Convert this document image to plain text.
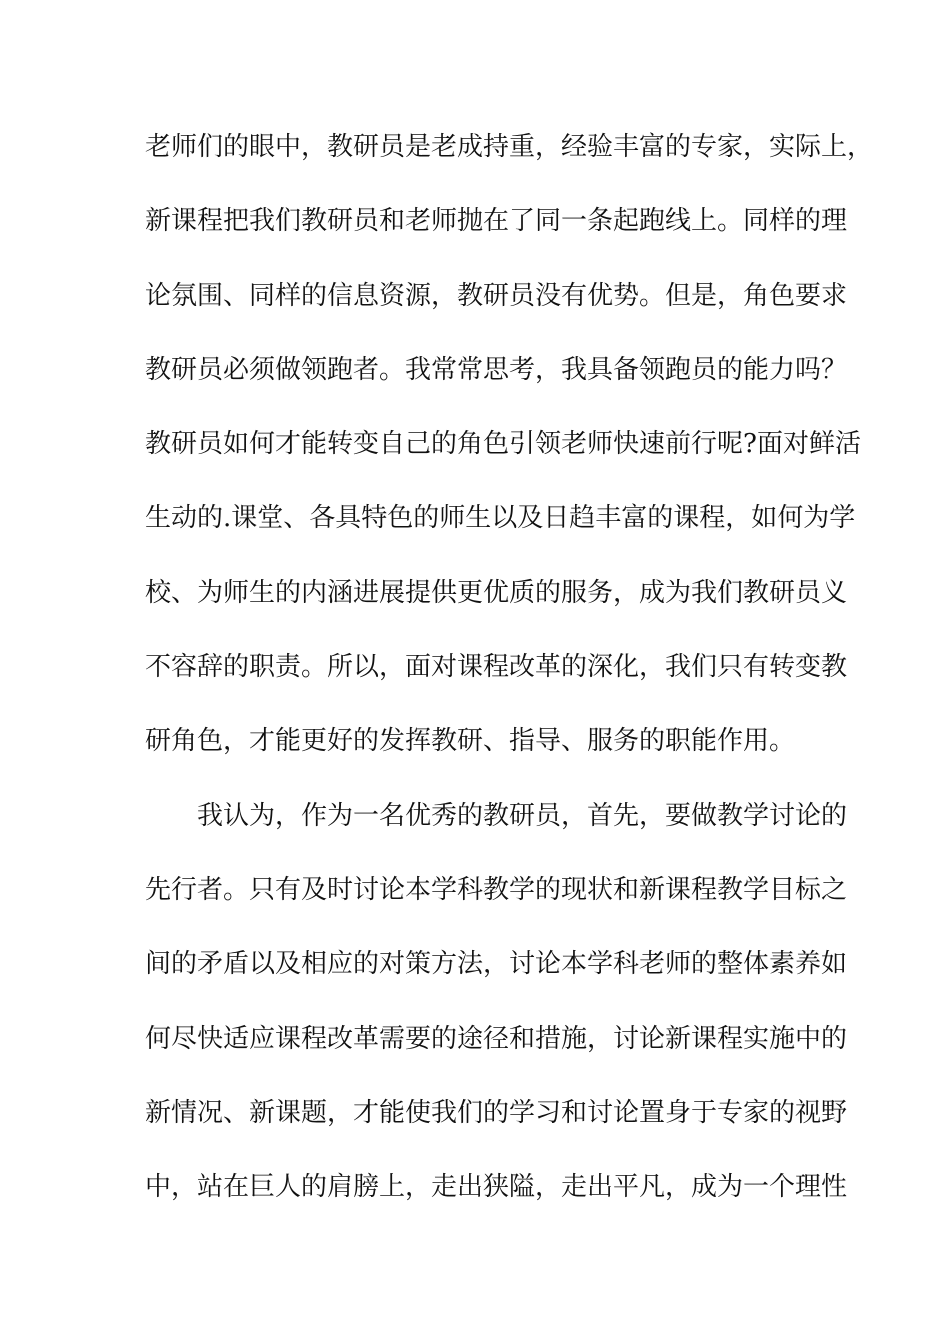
老师们的眼中，教研员是老成持重，经验丰富的专家，实际上，
新课程把我们教研员和老师抛在了同一条起跑线上。同样的理
论氛围、同样的信息资源，教研员没有优势。但是，角色要求
教研员必须做领跑者。我常常思考，我具备领跑员的能力吗？
教研员如何才能转变自己的角色引领老师快速前行呢?面对鲜活
生动的.课堂、各具特色的师生以及日趋丰富的课程，如何为学
校、为师生的内涵进展提供更优质的服务，成为我们教研员义
不容辞的职责。所以，面对课程改革的深化，我们只有转变教
研角色，才能更好的发挥教研、指导、服务的职能作用。
我认为，作为一名优秀的教研员，首先，要做教学讨论的
先行者。只有及时讨论本学科教学的现状和新课程教学目标之
间的矛盾以及相应的对策方法，讨论本学科老师的整体素养如
何尽快适应课程改革需要的途径和措施，讨论新课程实施中的
新情况、新课题，才能使我们的学习和讨论置身于专家的视野
中，站在巨人的肩膀上，走出狭隘，走出平凡，成为一个理性
